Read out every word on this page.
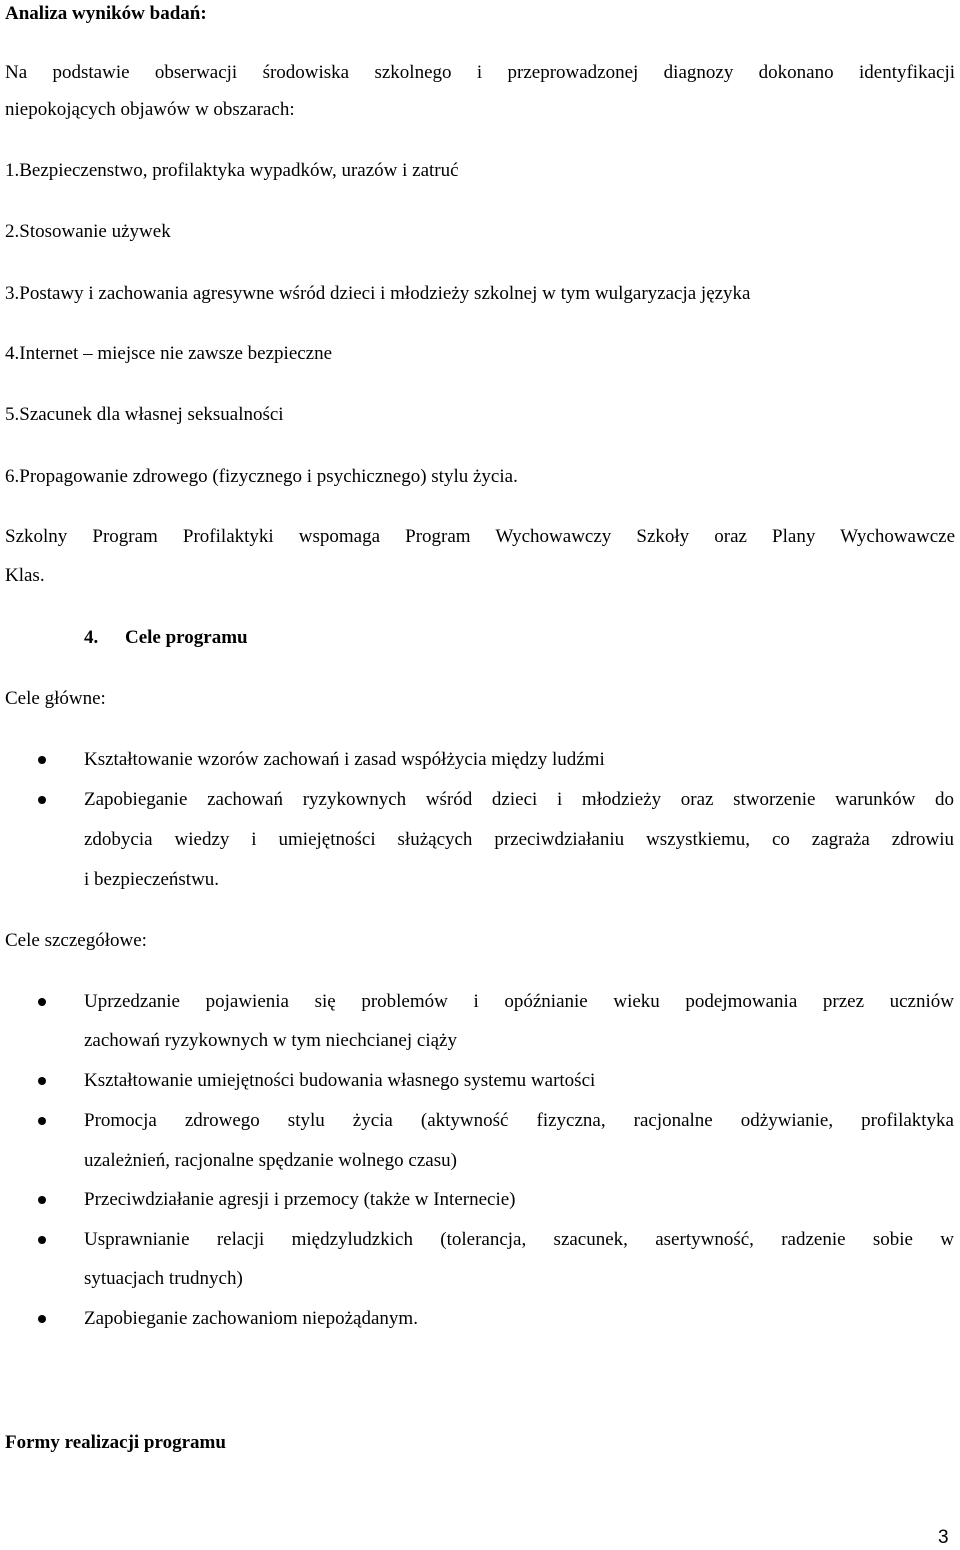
Analiza wyników badań:
Na podstawie obserwacji środowiska szkolnego i przeprowadzonej diagnozy dokonano identyfikacji
niepokojących objawów w obszarach:
1.Bezpieczenstwo, profilaktyka wypadków, urazów i zatruć
2.Stosowanie używek
3.Postawy i zachowania agresywne wśród dzieci i młodzieży szkolnej w tym wulgaryzacja języka
4.Internet – miejsce nie zawsze bezpieczne
5.Szacunek dla własnej seksualności
6.Propagowanie zdrowego (fizycznego i psychicznego) stylu życia.
Szkolny Program Profilaktyki wspomaga Program Wychowawczy Szkoły oraz Plany Wychowawcze
Klas.
4. Cele programu
Cele główne:
Kształtowanie wzorów zachowań i zasad współżycia między ludźmi
Zapobieganie zachowań ryzykownych wśród dzieci i młodzieży oraz stworzenie warunków do
zdobycia wiedzy i umiejętności służących przeciwdziałaniu wszystkiemu, co zagraża zdrowiu
i bezpieczeństwu.
Cele szczegółowe:
Uprzedzanie pojawienia się problemów i opóźnianie wieku podejmowania przez uczniów
zachowań ryzykownych w tym niechcianej ciąży
Kształtowanie umiejętności budowania własnego systemu wartości
Promocja zdrowego stylu życia (aktywność fizyczna, racjonalne odżywianie, profilaktyka
uzależnień, racjonalne spędzanie wolnego czasu)
Przeciwdziałanie agresji i przemocy (także w Internecie)
Usprawnianie relacji międzyludzkich (tolerancja, szacunek, asertywność, radzenie sobie w
sytuacjach trudnych)
Zapobieganie zachowaniom niepożądanym.
Formy realizacji programu
3
